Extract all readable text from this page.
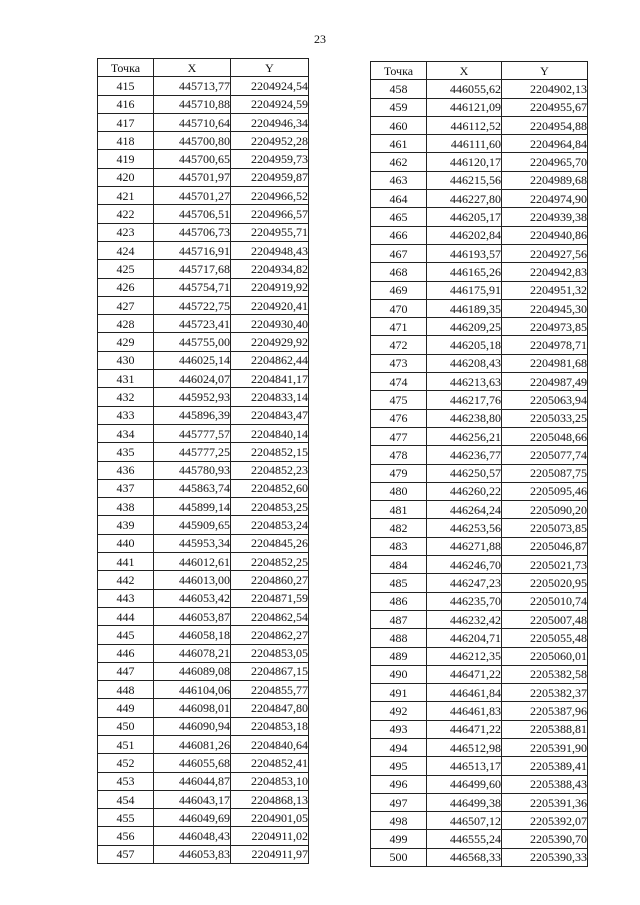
23
Точка	X	Y
415	445713,77	2204924,54
416	445710,88	2204924,59
417	445710,64	2204946,34
418	445700,80	2204952,28
419	445700,65	2204959,73
420	445701,97	2204959,87
421	445701,27	2204966,52
422	445706,51	2204966,57
423	445706,73	2204955,71
424	445716,91	2204948,43
425	445717,68	2204934,82
426	445754,71	2204919,92
427	445722,75	2204920,41
428	445723,41	2204930,40
429	445755,00	2204929,92
430	446025,14	2204862,44
431	446024,07	2204841,17
432	445952,93	2204833,14
433	445896,39	2204843,47
434	445777,57	2204840,14
435	445777,25	2204852,15
436	445780,93	2204852,23
437	445863,74	2204852,60
438	445899,14	2204853,25
439	445909,65	2204853,24
440	445953,34	2204845,26
441	446012,61	2204852,25
442	446013,00	2204860,27
443	446053,42	2204871,59
444	446053,87	2204862,54
445	446058,18	2204862,27
446	446078,21	2204853,05
447	446089,08	2204867,15
448	446104,06	2204855,77
449	446098,01	2204847,80
450	446090,94	2204853,18
451	446081,26	2204840,64
452	446055,68	2204852,41
453	446044,87	2204853,10
454	446043,17	2204868,13
455	446049,69	2204901,05
456	446048,43	2204911,02
457	446053,83	2204911,97
Точка	X	Y
458	446055,62	2204902,13
459	446121,09	2204955,67
460	446112,52	2204954,88
461	446111,60	2204964,84
462	446120,17	2204965,70
463	446215,56	2204989,68
464	446227,80	2204974,90
465	446205,17	2204939,38
466	446202,84	2204940,86
467	446193,57	2204927,56
468	446165,26	2204942,83
469	446175,91	2204951,32
470	446189,35	2204945,30
471	446209,25	2204973,85
472	446205,18	2204978,71
473	446208,43	2204981,68
474	446213,63	2204987,49
475	446217,76	2205063,94
476	446238,80	2205033,25
477	446256,21	2205048,66
478	446236,77	2205077,74
479	446250,57	2205087,75
480	446260,22	2205095,46
481	446264,24	2205090,20
482	446253,56	2205073,85
483	446271,88	2205046,87
484	446246,70	2205021,73
485	446247,23	2205020,95
486	446235,70	2205010,74
487	446232,42	2205007,48
488	446204,71	2205055,48
489	446212,35	2205060,01
490	446471,22	2205382,58
491	446461,84	2205382,37
492	446461,83	2205387,96
493	446471,22	2205388,81
494	446512,98	2205391,90
495	446513,17	2205389,41
496	446499,60	2205388,43
497	446499,38	2205391,36
498	446507,12	2205392,07
499	446555,24	2205390,70
500	446568,33	2205390,33
